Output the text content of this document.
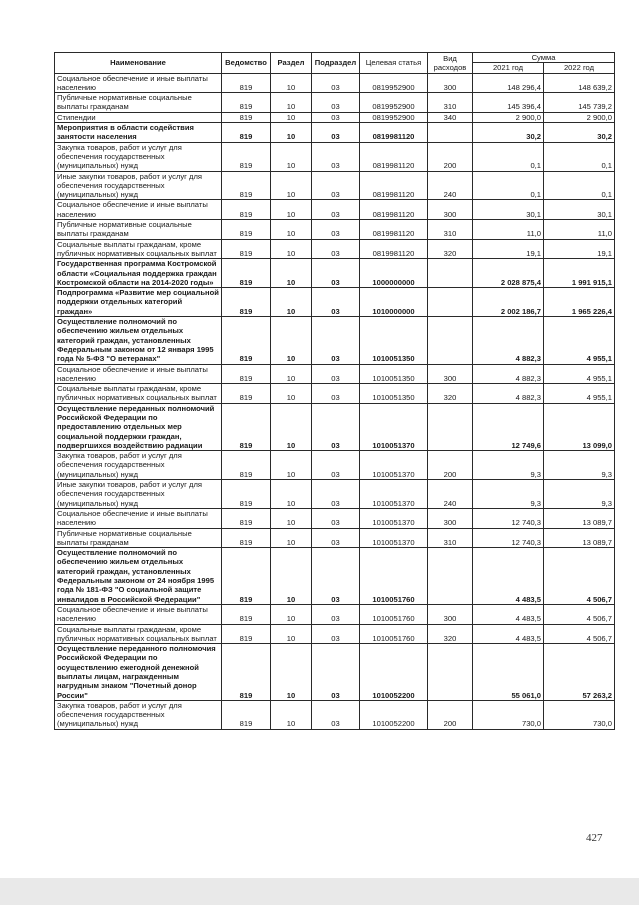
Наименование	Ведомство	Раздел	Подраздел	Целевая статья	Вид расходов	Сумма	
						2021 год	2022 год
Социальное обеспечение и иные выплаты населению	819	10	03	0819952900	300	148 296,4	148 639,2
Публичные нормативные социальные выплаты гражданам	819	10	03	0819952900	310	145 396,4	145 739,2
Стипендии	819	10	03	0819952900	340	2 900,0	2 900,0
Мероприятия в области содействия занятости населения	819	10	03	0819981120		30,2	30,2
Закупка товаров, работ и услуг для обеспечения государственных (муниципальных) нужд	819	10	03	0819981120	200	0,1	0,1
Иные закупки товаров, работ и услуг для обеспечения государственных (муниципальных) нужд	819	10	03	0819981120	240	0,1	0,1
Социальное обеспечение и иные выплаты населению	819	10	03	0819981120	300	30,1	30,1
Публичные нормативные социальные выплаты гражданам	819	10	03	0819981120	310	11,0	11,0
Социальные выплаты гражданам, кроме публичных нормативных социальных выплат	819	10	03	0819981120	320	19,1	19,1
Государственная программа Костромской области «Социальная поддержка граждан Костромской области на 2014-2020 годы»	819	10	03	1000000000		2 028 875,4	1 991 915,1
Подпрограмма «Развитие мер социальной поддержки отдельных категорий граждан»	819	10	03	1010000000		2 002 186,7	1 965 226,4
Осуществление полномочий по обеспечению жильем отдельных категорий граждан, установленных Федеральным законом от 12 января 1995 года № 5-ФЗ "О ветеранах"	819	10	03	1010051350		4 882,3	4 955,1
Социальное обеспечение и иные выплаты населению	819	10	03	1010051350	300	4 882,3	4 955,1
Социальные выплаты гражданам, кроме публичных нормативных социальных выплат	819	10	03	1010051350	320	4 882,3	4 955,1
Осуществление переданных полномочий Российской Федерации по предоставлению отдельных мер социальной поддержки граждан, подвергшихся воздействию радиации	819	10	03	1010051370		12 749,6	13 099,0
Закупка товаров, работ и услуг для обеспечения государственных (муниципальных) нужд	819	10	03	1010051370	200	9,3	9,3
Иные закупки товаров, работ и услуг для обеспечения государственных (муниципальных) нужд	819	10	03	1010051370	240	9,3	9,3
Социальное обеспечение и иные выплаты населению	819	10	03	1010051370	300	12 740,3	13 089,7
Публичные нормативные социальные выплаты гражданам	819	10	03	1010051370	310	12 740,3	13 089,7
Осуществление полномочий по обеспечению жильем отдельных категорий граждан, установленных Федеральным законом от 24 ноября 1995 года № 181-ФЗ "О социальной защите инвалидов в Российской Федерации"	819	10	03	1010051760		4 483,5	4 506,7
Социальное обеспечение и иные выплаты населению	819	10	03	1010051760	300	4 483,5	4 506,7
Социальные выплаты гражданам, кроме публичных нормативных социальных выплат	819	10	03	1010051760	320	4 483,5	4 506,7
Осуществление переданного полномочия Российской Федерации по осуществлению ежегодной денежной выплаты лицам, награжденным нагрудным знаком "Почетный донор России"	819	10	03	1010052200		55 061,0	57 263,2
Закупка товаров, работ и услуг для обеспечения государственных (муниципальных) нужд	819	10	03	1010052200	200	730,0	730,0
427
